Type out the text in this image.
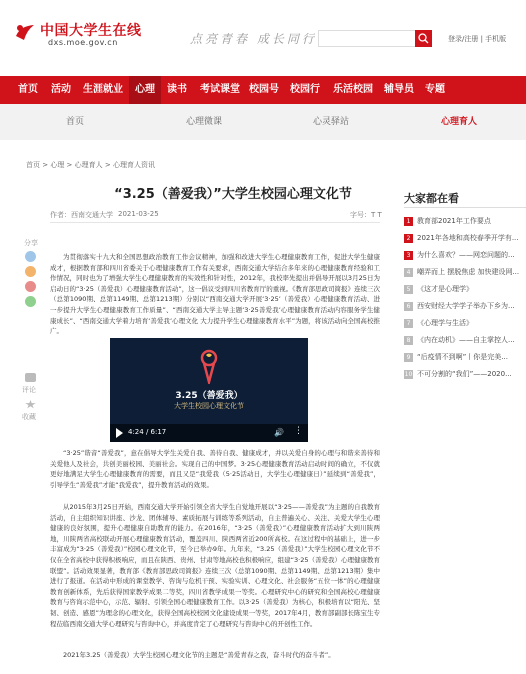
中国大学生在线
dxs.moe.gov.cn	点亮青春 成长同行	登录/注册 | 手机版
首页 活动 生涯就业	心理	读书 考试课堂 校园号 校园行 乐活校园 辅导员 专题
首页	心理微课	心灵驿站	心理育人
首页 > 心理 > 心理育人 > 心理育人资讯
“3.25（善爱我）”大学生校园心理文化节
作者：西南交通大学 2021-03-25	字号：T T
分享
评论
收藏
为贯彻落实十九大和全国思想政治教育工作会议精神，加强和改进大学生心理健康教育工作，促进大学生健康成才，根据教育部和四川省委关于心理健康教育工作有关要求，西南交通大学结合多年来的心理健康教育经验和工作情况，同时也为了增强大学生心理健康教育的实效性和针对性，2012年，我校率先提出并倡导开展以3月25日为启动日的“3·25（善爱我）心理健康教育活动”，这一倡议受到四川省教育厅的重视。《教育部思政司简报》连续三次（总第1090期、总第1149期、总第1213期）分别以“西南交通大学开展‘3·25’（善爱我）心理健康教育活动、进一步提升大学生心理健康教育工作质量”、“西南交通大学主导主题‘3·25善爱我’心理健康教育活动内容服务学生健康成长”、“西南交通大学着力培育‘善爱我’心理文化 大力提升学生心理健康教育水平”为题，将该活动向全国高校推广。
3.25（善爱我）
大学生校园心理文化节
4:24 / 6:17	🔊 ⋮
“3·25”谐音“善爱我”，意在倡导大学生关爱自我、善待自我、健康成才，并以关爱自身的心理与和谐来善待和关爱他人及社会，共创美丽校园、美丽社会。实现自己的中国梦。3·25心理健康教育活动启动时间的确立，不仅就更好地满足大学生心理健康教育的需要，而且又是“我爱我（5·25活动日，大学生心理健康日）”延续到“善爱我”，引导学生“善爱我”才能“我爱我”，提升教育活动的效果。
从2015年3月25日开始，西南交通大学开始引领全省大学生自觉地开展以“3·25——善爱我”为主题的自我教育活动，自主组织知识讲座、沙龙、团体辅导、素质拓展与训练等系列活动，自主普遍关心、关注、关爱大学生心理健康的良好氛围，提升心理健康自助教育的能力。在2016年，“3·25（善爱我）”心理健康教育活动扩大到川陕两地，川陕两省高校联动开展心理健康教育活动，覆盖四川、陕西两省近200所高校。在这过程中的基础上，进一步丰富成为“3·25（善爱我）”校园心理文化节，至今已举办9年。九年来，“3.25（善爱我）”大学生校园心理文化节不仅在全省高校中获得积极响应，而且在陕西、贵州、甘肃等地高校也积极响应，组建“3·25（善爱我）心理健康教育联盟”。活动效果显著，教育部《教育部思政司简报》连续三次（总第1090期、总第1149期、总第1213期）集中进行了报道。在活动中形成的课堂教学、咨询与危机干预、实验实训、心理文化、社会服务“五位一体”的心理健康教育创新体系，先后获得国家教学成果二等奖，四川省教学成果一等奖。心理研究中心的研究和全国高校心理健康教育与咨询示范中心，示范、辐射、引领全国心理健康教育工作。以3·25（善爱我）为核心，积极培育以“阳光、坚韧、创造、感恩”为理念的心理文化，获得全国高校校园文化建设成果一等奖，2017年4月，教育部副部长陈宝生专程莅临西南交通大学心理研究与咨询中心，并高度肯定了心理研究与咨询中心的开创性工作。
2021年3.25（善爱我）大学生校园心理文化节的主题是“善爱青春之我，奋斗时代的奋斗者”。
大家都在看
1 教育部2021年工作要点
2 2021年各地和高校春季开学有...
3 为什么喜欢？——网恋问题的...
4 嘲弄而上 摆脱焦虑 加快建设网...
5 《这才是心理学》
6 西安财经大学学子举办下乡为...
7 《心理学与生活》
8 《内在动机》——自主掌控人...
9 “后疫情不到啊”丨你是完美...
10 不可分割的“我们”——2020...
